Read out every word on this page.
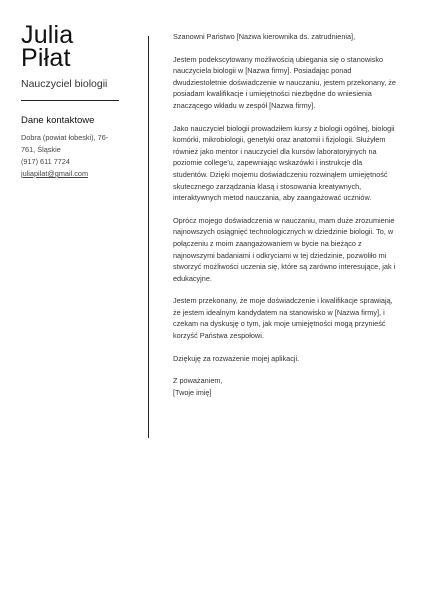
Julia
Piłat
Nauczyciel biologii
Dane kontaktowe
Dobra (powiat łobeski), 76-
761, Śląskie
(917) 611 7724
juliapilat@gmail.com

Szanowni Państwo [Nazwa kierownika ds. zatrudnienia],

Jestem podekscytowany możliwością ubiegania się o stanowisko nauczyciela biologii w [Nazwa firmy]. Posiadając ponad dwudziestoletnie doświadczenie w nauczaniu, jestem przekonany, że posiadam kwalifikacje i umiejętności niezbędne do wniesienia znaczącego wkładu w zespół [Nazwa firmy].

Jako nauczyciel biologii prowadziłem kursy z biologii ogólnej, biologii komórki, mikrobiologii, genetyki oraz anatomii i fizjologii. Służyłem również jako mentor i nauczyciel dla kursów laboratoryjnych na poziomie college'u, zapewniając wskazówki i instrukcje dla studentów. Dzięki mojemu doświadczeniu rozwinąłem umiejętność skutecznego zarządzania klasą i stosowania kreatywnych, interaktywnych metod nauczania, aby zaangażować uczniów.

Oprócz mojego doświadczenia w nauczaniu, mam duże zrozumienie najnowszych osiągnięć technologicznych w dziedzinie biologii. To, w połączeniu z moim zaangażowaniem w bycie na bieżąco z najnowszymi badaniami i odkryciami w tej dziedzinie, pozwoliło mi stworzyć możliwości uczenia się, które są zarówno interesujące, jak i edukacyjne.

Jestem przekonany, że moje doświadczenie i kwalifikacje sprawiają, że jestem idealnym kandydatem na stanowisko w [Nazwa firmy], i czekam na dyskusję o tym, jak moje umiejętności mogą przynieść korzyść Państwa zespołowi.

Dziękuję za rozważenie mojej aplikacji.

Z poważaniem,

[Twoje imię]
